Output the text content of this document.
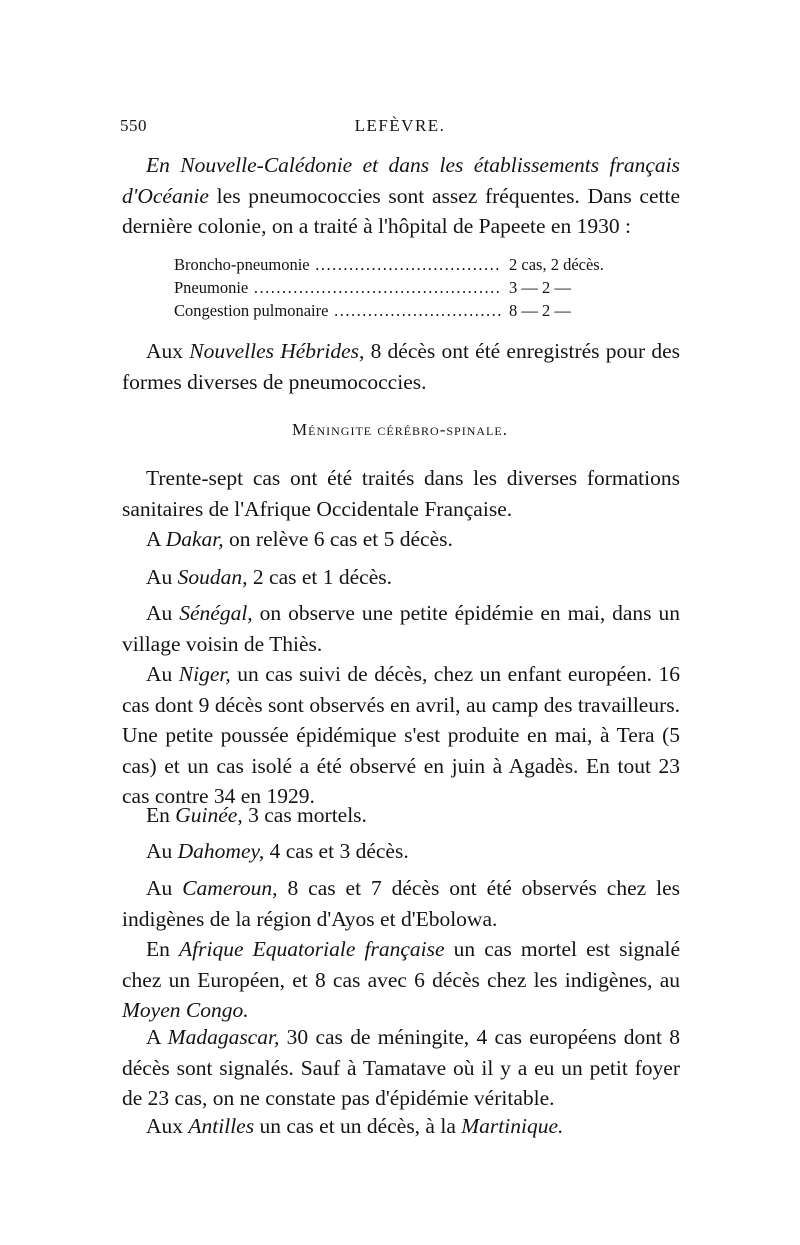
550	LEFÈVRE.
En Nouvelle-Calédonie et dans les établissements français d'Océanie les pneumococcies sont assez fréquentes. Dans cette dernière colonie, on a traité à l'hôpital de Papeete en 1930 :
Broncho-pneumonie .....	2 cas, 2 décès.
Pneumonie .....	3 — 2 —
Congestion pulmonaire .....	8 — 2 —
Aux Nouvelles Hébrides, 8 décès ont été enregistrés pour des formes diverses de pneumococcies.
Méningite cérébro-spinale.
Trente-sept cas ont été traités dans les diverses formations sanitaires de l'Afrique Occidentale Française.
A Dakar, on relève 6 cas et 5 décès.
Au Soudan, 2 cas et 1 décès.
Au Sénégal, on observe une petite épidémie en mai, dans un village voisin de Thiès.
Au Niger, un cas suivi de décès, chez un enfant européen. 16 cas dont 9 décès sont observés en avril, au camp des travailleurs. Une petite poussée épidémique s'est produite en mai, à Tera (5 cas) et un cas isolé a été observé en juin à Agadès. En tout 23 cas contre 34 en 1929.
En Guinée, 3 cas mortels.
Au Dahomey, 4 cas et 3 décès.
Au Cameroun, 8 cas et 7 décès ont été observés chez les indigènes de la région d'Ayos et d'Ebolowa.
En Afrique Equatoriale française un cas mortel est signalé chez un Européen, et 8 cas avec 6 décès chez les indigènes, au Moyen Congo.
A Madagascar, 30 cas de méningite, 4 cas européens dont 8 décès sont signalés. Sauf à Tamatave où il y a eu un petit foyer de 23 cas, on ne constate pas d'épidémie véritable.
Aux Antilles un cas et un décès, à la Martinique.
